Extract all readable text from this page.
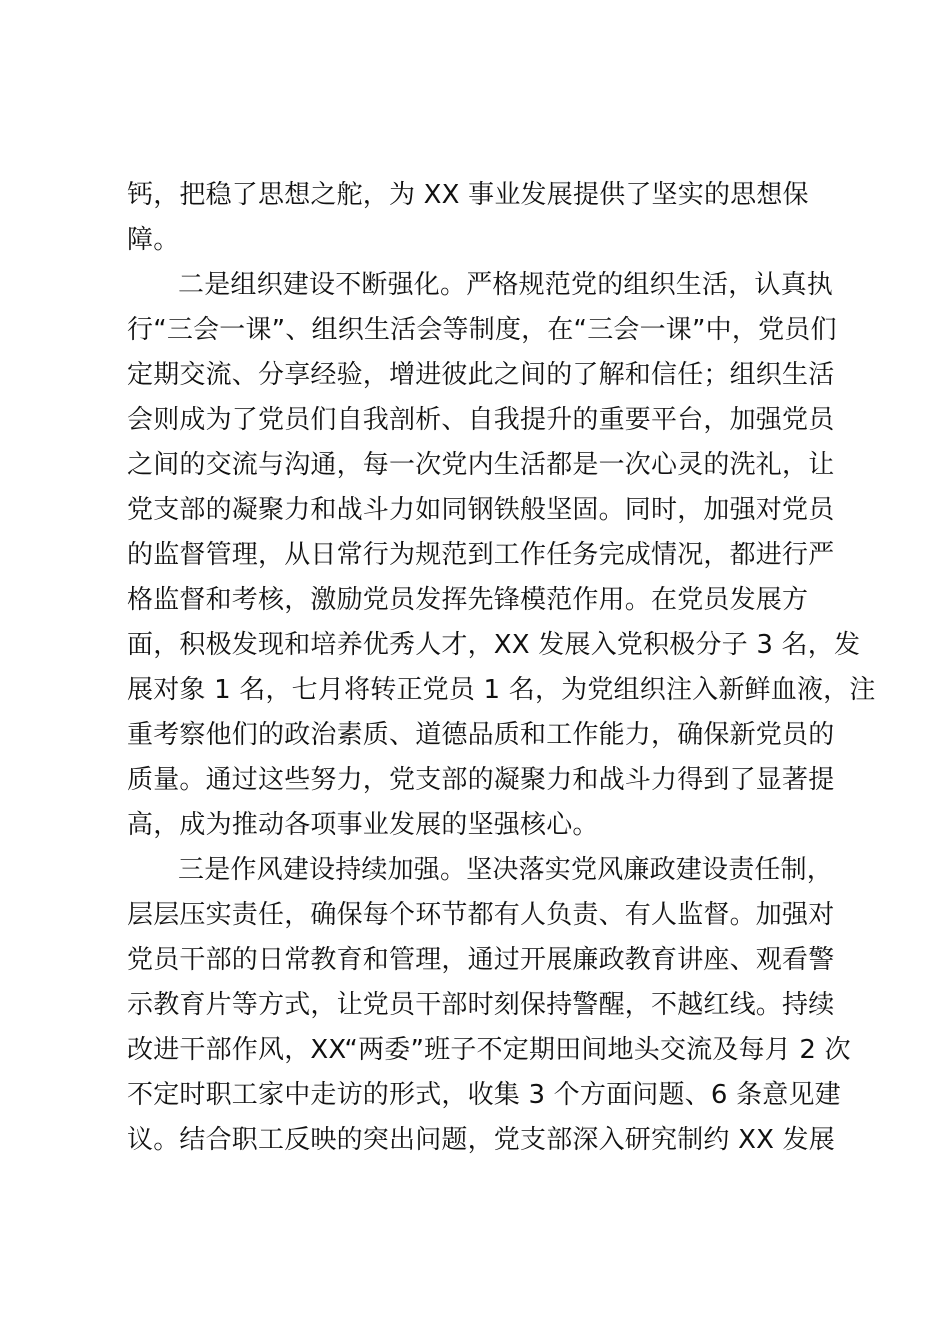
钙，把稳了思想之舵，为 XX 事业发展提供了坚实的思想保
障。
二是组织建设不断强化。严格规范党的组织生活，认真执
行“三会一课”、组织生活会等制度，在“三会一课”中，党员们
定期交流、分享经验，增进彼此之间的了解和信任；组织生活
会则成为了党员们自我剖析、自我提升的重要平台，加强党员
之间的交流与沟通，每一次党内生活都是一次心灵的洗礼，让
党支部的凝聚力和战斗力如同钢铁般坚固。同时，加强对党员
的监督管理，从日常行为规范到工作任务完成情况，都进行严
格监督和考核，激励党员发挥先锋模范作用。在党员发展方
面，积极发现和培养优秀人才，XX 发展入党积极分子 3 名，发
展对象 1 名，七月将转正党员 1 名，为党组织注入新鲜血液，注
重考察他们的政治素质、道德品质和工作能力，确保新党员的
质量。通过这些努力，党支部的凝聚力和战斗力得到了显著提
高，成为推动各项事业发展的坚强核心。
三是作风建设持续加强。坚决落实党风廉政建设责任制，
层层压实责任，确保每个环节都有人负责、有人监督。加强对
党员干部的日常教育和管理，通过开展廉政教育讲座、观看警
示教育片等方式，让党员干部时刻保持警醒，不越红线。持续
改进干部作风，XX“两委”班子不定期田间地头交流及每月 2 次
不定时职工家中走访的形式，收集 3 个方面问题、6 条意见建
议。结合职工反映的突出问题，党支部深入研究制约 XX 发展
